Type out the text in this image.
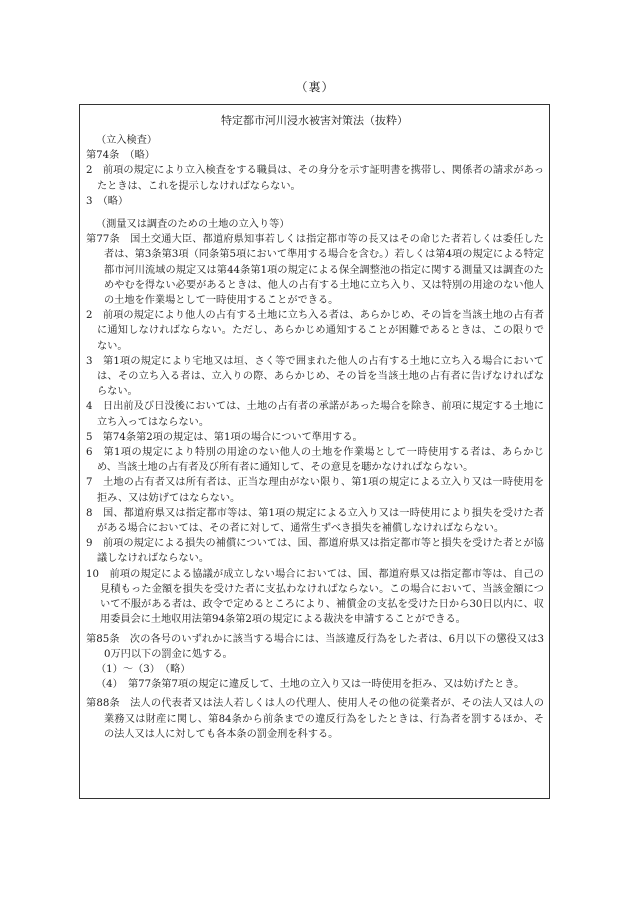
（裏）
特定都市河川浸水被害対策法（抜粋）

（立入検査）

第74条　（略）

2　前項の規定により立入検査をする職員は、その身分を示す証明書を携帯し、関係者の請求があったときは、これを提示しなければならない。

3　（略）

（測量又は調査のための土地の立入り等）

第77条　国土交通大臣、都道府県知事若しくは指定都市等の長又はその命じた者若しくは委任した者は、第3条第3項（同条第5項において準用する場合を含む。）若しくは第4項の規定による特定都市河川流域の規定又は第44条第1項の規定による保全調整池の指定に関する測量又は調査のためやむを得ない必要があるときは、他人の占有する土地に立ち入り、又は特別の用途のない他人の土地を作業場として一時使用することができる。

2　前項の規定により他人の占有する土地に立ち入る者は、あらかじめ、その旨を当該土地の占有者に通知しなければならない。ただし、あらかじめ通知することが困難であるときは、この限りでない。

3　第1項の規定により宅地又は垣、さく等で囲まれた他人の占有する土地に立ち入る場合においては、その立ち入る者は、立入りの際、あらかじめ、その旨を当該土地の占有者に告げなければならない。

4　日出前及び日没後においては、土地の占有者の承諾があった場合を除き、前項に規定する土地に立ち入ってはならない。

5　第74条第2項の規定は、第1項の場合について準用する。

6　第1項の規定により特別の用途のない他人の土地を作業場として一時使用する者は、あらかじめ、当該土地の占有者及び所有者に通知して、その意見を聴かなければならない。

7　土地の占有者又は所有者は、正当な理由がない限り、第1項の規定による立入り又は一時使用を拒み、又は妨げてはならない。

8　国、都道府県又は指定都市等は、第1項の規定による立入り又は一時使用により損失を受けた者がある場合においては、その者に対して、通常生ずべき損失を補償しなければならない。

9　前項の規定による損失の補償については、国、都道府県又は指定都市等と損失を受けた者とが協議しなければならない。

10　前項の規定による協議が成立しない場合においては、国、都道府県又は指定都市等は、自己の見積もった金額を損失を受けた者に支払わなければならない。この場合において、当該金額について不服がある者は、政令で定めるところにより、補償金の支払を受けた日から30日以内に、収用委員会に土地収用法第94条第2項の規定による裁決を申請することができる。

第85条　次の各号のいずれかに該当する場合には、当該違反行為をした者は、6月以下の懲役又は30万円以下の罰金に処する。

（1）～（3）　（略）

（4）　第77条第7項の規定に違反して、土地の立入り又は一時使用を拒み、又は妨げたとき。

第88条　法人の代表者又は法人若しくは人の代理人、使用人その他の従業者が、その法人又は人の業務又は財産に関し、第84条から前条までの違反行為をしたときは、行為者を罰するほか、その法人又は人に対しても各本条の罰金刑を科する。
